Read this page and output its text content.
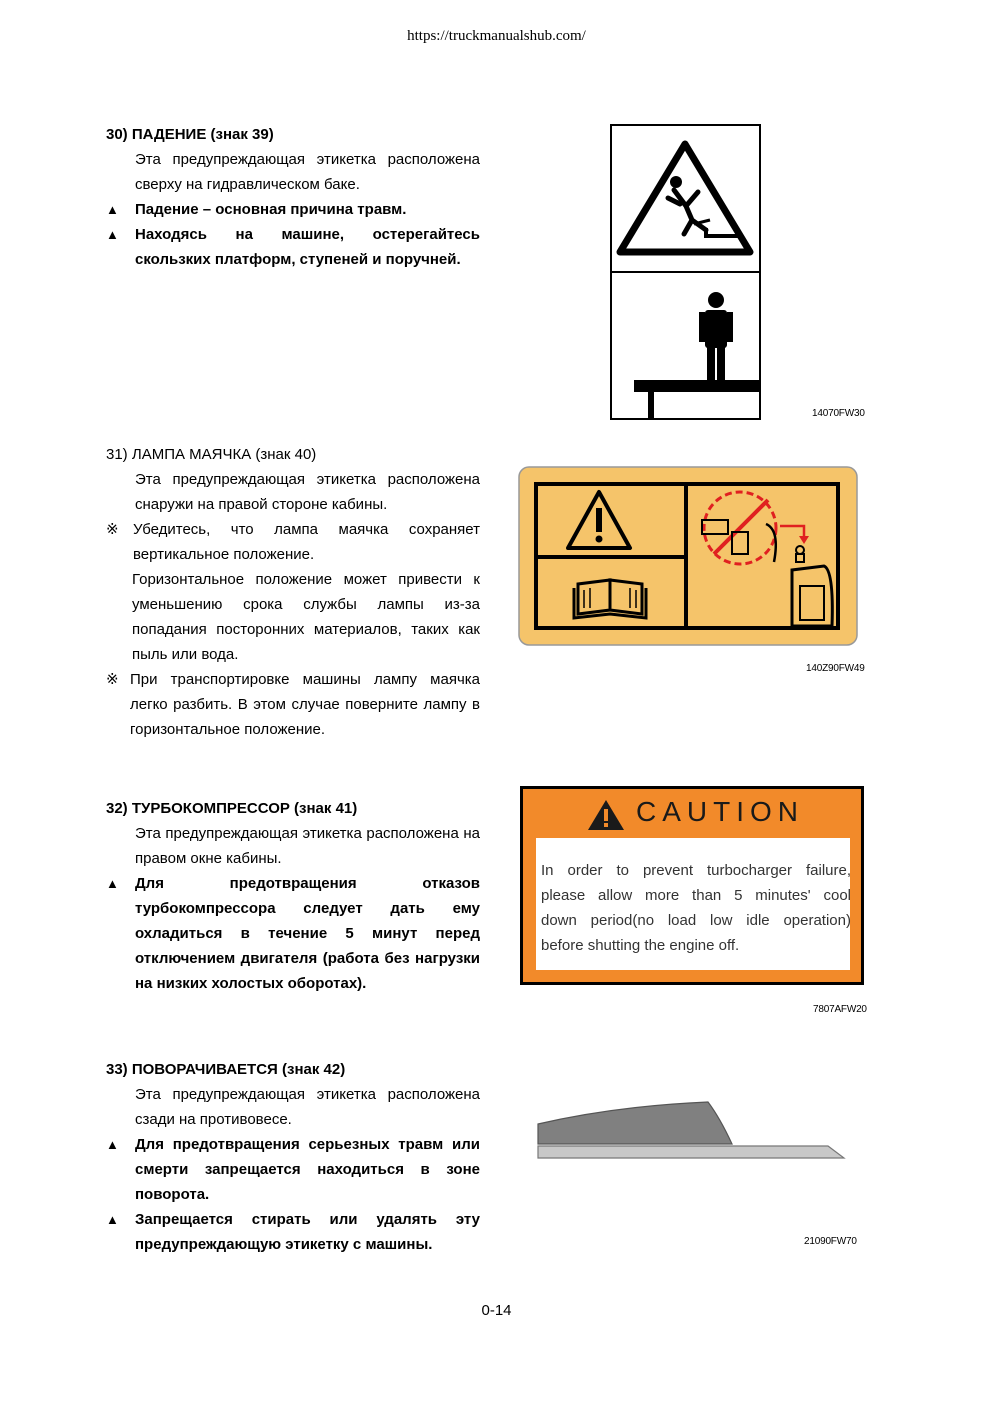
https://truckmanualshub.com/
30) ПАДЕНИЕ (знак 39)
Эта предупреждающая этикетка расположена сверху на гидравлическом баке.
▲ Падение – основная причина травм.
▲ Находясь на машине, остерегайтесь скользких платформ, ступеней и поручней.
14070FW30
31) ЛАМПА МАЯЧКА (знак 40)
Эта предупреждающая этикетка расположена снаружи на правой стороне кабины.
※ Убедитесь, что лампа маячка сохраняет вертикальное положение.
Горизонтальное положение может привести к уменьшению срока службы лампы из-за попадания посторонних материалов, таких как пыль или вода.
※ При транспортировке машины лампу маячка легко разбить. В этом случае поверните лампу в горизонтальное положение.
140Z90FW49
32) ТУРБОКОМПРЕССОР (знак 41)
Эта предупреждающая этикетка расположена на правом окне кабины.
▲ Для предотвращения отказов турбокомпрессора следует дать ему охладиться в течение 5 минут перед отключением двигателя (работа без нагрузки на низких холостых оборотах).
CAUTION
In order to prevent turbocharger failure,
please allow more than 5 minutes' cool
down period(no load low idle operation)
before shutting the engine off.
7807AFW20
33) ПОВОРАЧИВАЕТСЯ (знак 42)
Эта предупреждающая этикетка расположена сзади на противовесе.
▲ Для предотвращения серьезных травм или смерти запрещается находиться в зоне поворота.
▲ Запрещается стирать или удалять эту предупреждающую этикетку с машины.	21090FW70
0-14
